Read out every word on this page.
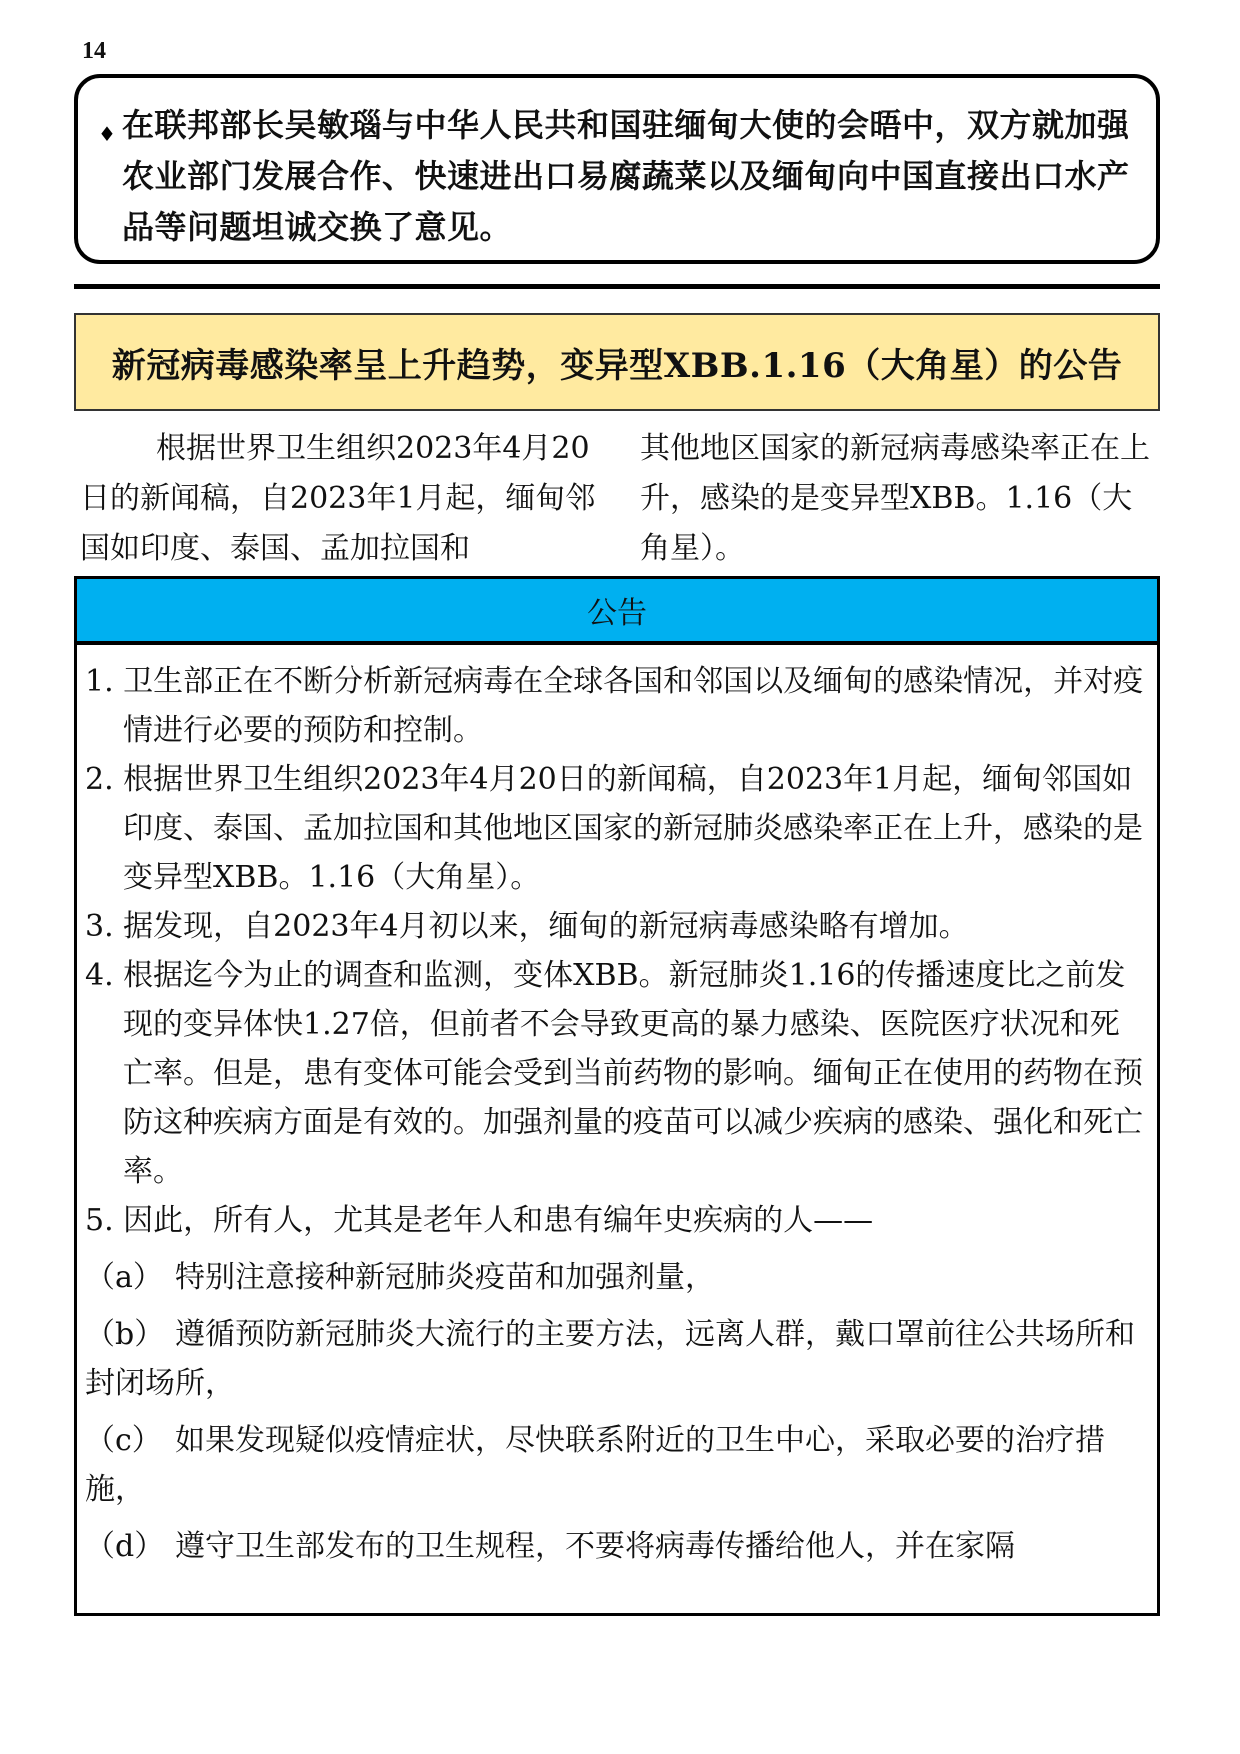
14
♦ 在联邦部长吴敏瑙与中华人民共和国驻缅甸大使的会晤中，双方就加强农业部门发展合作、快速进出口易腐蔬菜以及缅甸向中国直接出口水产品等问题坦诚交换了意见。
新冠病毒感染率呈上升趋势，变异型XBB.1.16（大角星）的公告
根据世界卫生组织2023年4月20日的新闻稿，自2023年1月起，缅甸邻国如印度、泰国、孟加拉国和
其他地区国家的新冠病毒感染率正在上升，感染的是变异型XBB。1.16（大角星）。
公告
1. 卫生部正在不断分析新冠病毒在全球各国和邻国以及缅甸的感染情况，并对疫情进行必要的预防和控制。
2. 根据世界卫生组织2023年4月20日的新闻稿，自2023年1月起，缅甸邻国如印度、泰国、孟加拉国和其他地区国家的新冠肺炎感染率正在上升，感染的是变异型XBB。1.16（大角星）。
3. 据发现，自2023年4月初以来，缅甸的新冠病毒感染略有增加。
4. 根据迄今为止的调查和监测，变体XBB。新冠肺炎1.16的传播速度比之前发现的变异体快1.27倍，但前者不会导致更高的暴力感染、医院医疗状况和死亡率。但是，患有变体可能会受到当前药物的影响。缅甸正在使用的药物在预防这种疾病方面是有效的。加强剂量的疫苗可以减少疾病的感染、强化和死亡率。
5. 因此，所有人，尤其是老年人和患有编年史疾病的人——
（a） 特别注意接种新冠肺炎疫苗和加强剂量，
（b） 遵循预防新冠肺炎大流行的主要方法，远离人群，戴口罩前往公共场所和封闭场所，
（c） 如果发现疑似疫情症状，尽快联系附近的卫生中心，采取必要的治疗措施，
（d） 遵守卫生部发布的卫生规程，不要将病毒传播给他人，并在家隔
